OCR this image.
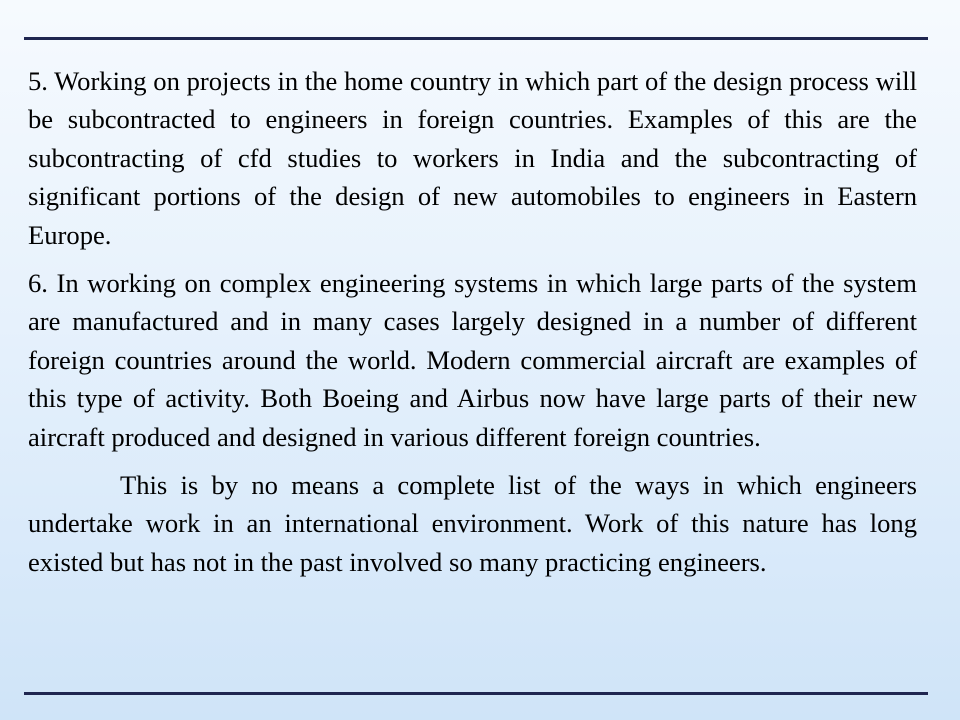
5. Working on projects in the home country in which part of the design process will be subcontracted to engineers in foreign countries. Examples of this are the subcontracting of cfd studies to workers in India and the subcontracting of significant portions of the design of new automobiles to engineers in Eastern Europe.

6. In working on complex engineering systems in which large parts of the system are manufactured and in many cases largely designed in a number of different foreign countries around the world. Modern commercial aircraft are examples of this type of activity. Both Boeing and Airbus now have large parts of their new aircraft produced and designed in various different foreign countries.

This is by no means a complete list of the ways in which engineers undertake work in an international environment. Work of this nature has long existed but has not in the past involved so many practicing engineers.
